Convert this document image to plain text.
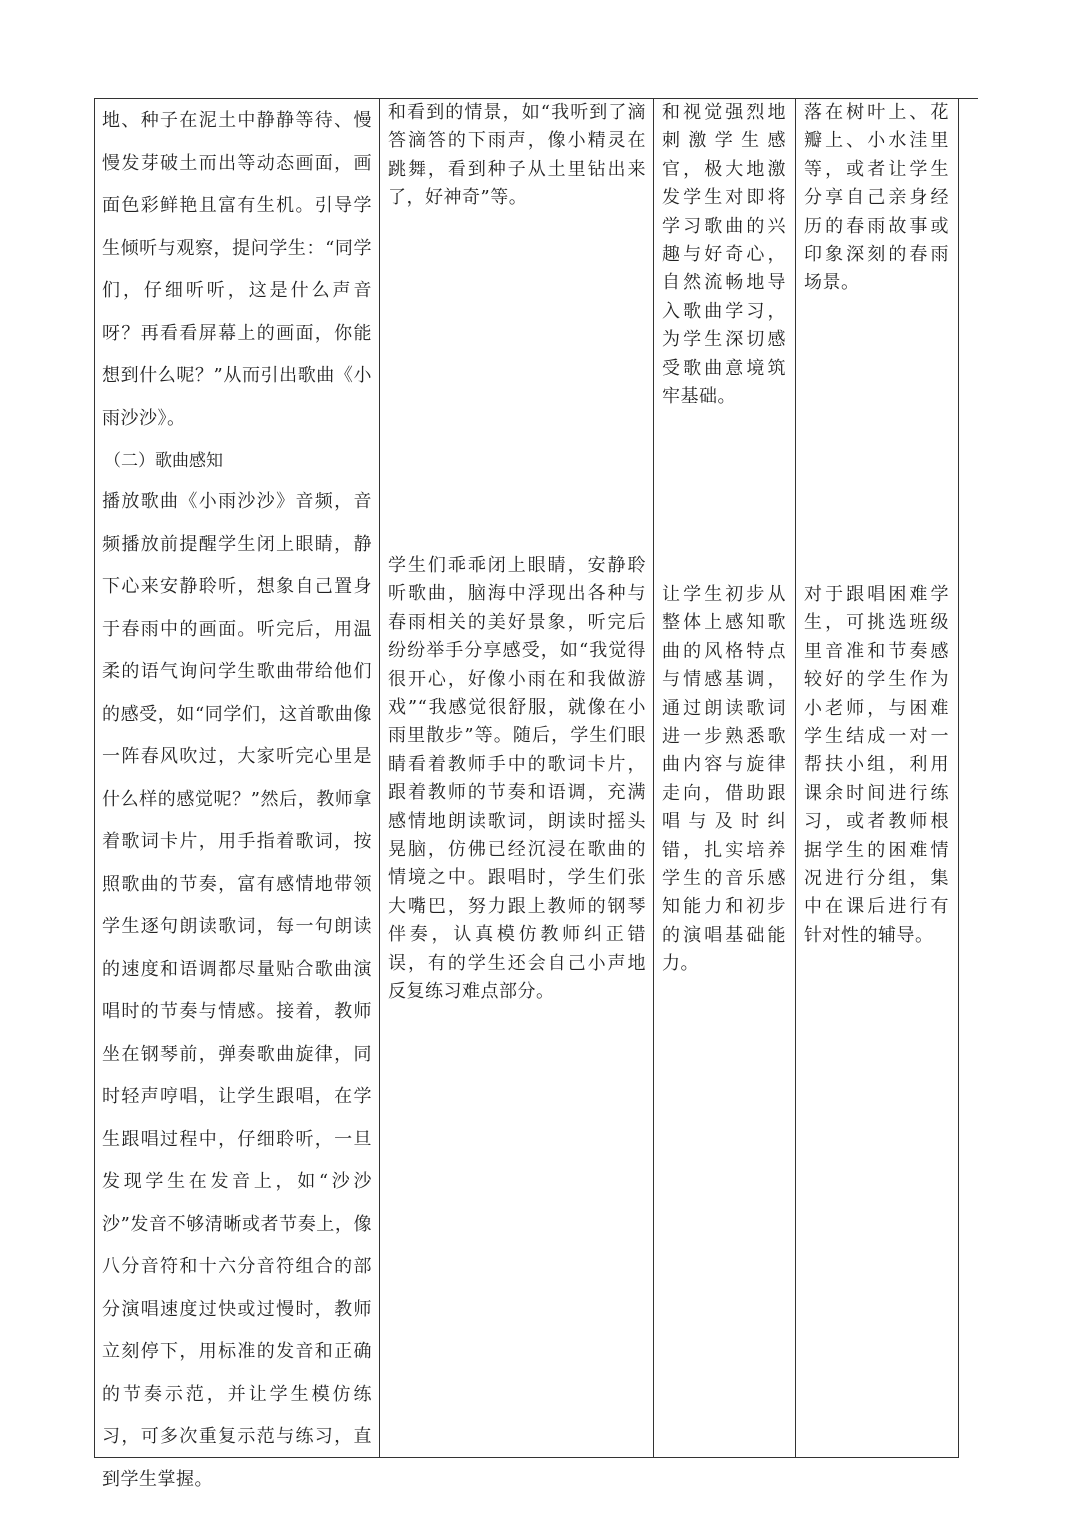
地、种子在泥土中静静等待、慢慢发芽破土而出等动态画面，画面色彩鲜艳且富有生机。引导学生倾听与观察，提问学生：“同学们，仔细听听，这是什么声音呀？再看看屏幕上的画面，你能想到什么呢？”从而引出歌曲《小雨沙沙》。
（二）歌曲感知
播放歌曲《小雨沙沙》音频，音频播放前提醒学生闭上眼睛，静下心来安静聆听，想象自己置身于春雨中的画面。听完后，用温柔的语气询问学生歌曲带给他们的感受，如“同学们，这首歌曲像一阵春风吹过，大家听完心里是什么样的感觉呢？”然后，教师拿着歌词卡片，用手指着歌词，按照歌曲的节奏，富有感情地带领学生逐句朗读歌词，每一句朗读的速度和语调都尽量贴合歌曲演唱时的节奏与情感。接着，教师坐在钢琴前，弹奏歌曲旋律，同时轻声哼唱，让学生跟唱，在学生跟唱过程中，仔细聆听，一旦发现学生在发音上，如“沙沙沙”发音不够清晰或者节奏上，像八分音符和十六分音符组合的部分演唱速度过快或过慢时，教师立刻停下，用标准的发音和正确的节奏示范，并让学生模仿练习，可多次重复示范与练习，直到学生掌握。
和看到的情景，如“我听到了滴答滴答的下雨声，像小精灵在跳舞，看到种子从土里钻出来了，好神奇”等。
学生们乖乖闭上眼睛，安静聆听歌曲，脑海中浮现出各种与春雨相关的美好景象，听完后纷纷举手分享感受，如“我觉得很开心，好像小雨在和我做游戏”“我感觉很舒服，就像在小雨里散步”等。随后，学生们眼睛看着教师手中的歌词卡片，跟着教师的节奏和语调，充满感情地朗读歌词，朗读时摇头晃脑，仿佛已经沉浸在歌曲的情境之中。跟唱时，学生们张大嘴巴，努力跟上教师的钢琴伴奏，认真模仿教师纠正错误，有的学生还会自己小声地反复练习难点部分。
和视觉强烈地刺激学生感官，极大地激发学生对即将学习歌曲的兴趣与好奇心，自然流畅地导入歌曲学习，为学生深切感受歌曲意境筑牢基础。
让学生初步从整体上感知歌曲的风格特点与情感基调，通过朗读歌词进一步熟悉歌曲内容与旋律走向，借助跟唱与及时纠错，扎实培养学生的音乐感知能力和初步的演唱基础能力。
落在树叶上、花瓣上、小水洼里等，或者让学生分享自己亲身经历的春雨故事或印象深刻的春雨场景。
对于跟唱困难学生，可挑选班级里音准和节奏感较好的学生作为小老师，与困难学生结成一对一帮扶小组，利用课余时间进行练习，或者教师根据学生的困难情况进行分组，集中在课后进行有针对性的辅导。
